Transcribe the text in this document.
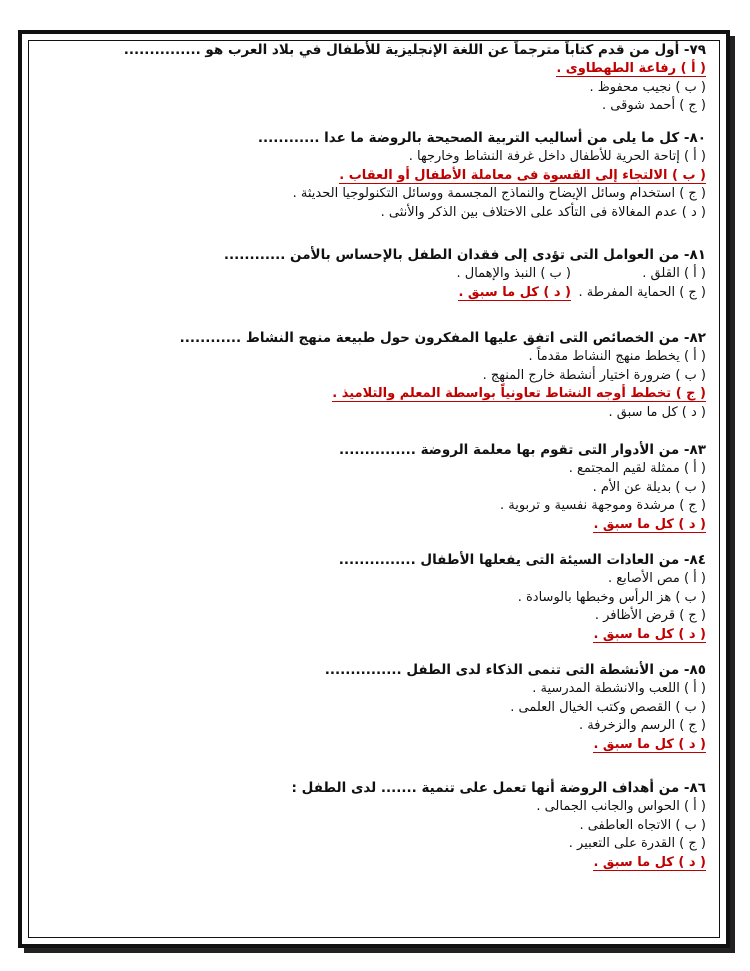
٧٩- أول من قدم كتاباً مترجماً عن اللغة الإنجليزية للأطفال في بلاد العرب هو ...............
( أ ) رفاعة الطهطاوى .
( ب ) نجيب محفوظ .
( ج ) أحمد شوقى .
٨٠- كل ما يلى من أساليب التربية الصحيحة بالروضة ما عدا ............
( أ ) إتاحة الحرية للأطفال داخل غرفة النشاط وخارجها .
( ب ) الالتجاء إلى القسوة فى معاملة الأطفال أو العقاب .
( ج ) استخدام وسائل الإيضاح والنماذج المجسمة ووسائل التكنولوجيا الحديثة .
( د ) عدم المغالاة فى التأكد على الاختلاف بين الذكر والأنثى .
٨١- من العوامل التى تؤدى إلى فقدان الطفل بالإحساس بالأمن ............
( أ ) القلق .
( ب ) النبذ والإهمال .
( ج ) الحماية المفرطة .
( د ) كل ما سبق .
٨٢- من الخصائص التى اتفق عليها المفكرون حول طبيعة منهج النشاط ............
( أ ) يخطط منهج النشاط مقدماً .
( ب ) ضرورة اختيار أنشطة خارج المنهج .
( ج ) تخطط أوجه النشاط تعاونياً بواسطة المعلم والتلاميذ .
( د ) كل ما سبق .
٨٣- من الأدوار التى تقوم بها معلمة الروضة ...............
( أ ) ممثلة لقيم المجتمع .
( ب ) بديلة عن الأم .
( ج ) مرشدة وموجهة نفسية و تربوية .
( د ) كل ما سبق .
٨٤- من العادات السيئة التى يفعلها الأطفال ...............
( أ ) مص الأصابع .
( ب ) هز الرأس وخبطها بالوسادة .
( ج ) قرض الأظافر .
( د ) كل ما سبق .
٨٥- من الأنشطة التى تنمى الذكاء لدى الطفل ...............
( أ ) اللعب والانشطة المدرسية .
( ب ) القصص وكتب الخيال العلمى .
( ج ) الرسم والزخرفة .
( د ) كل ما سبق .
٨٦- من أهداف الروضة أنها تعمل على تنمية ....... لدى الطفل :
( أ ) الحواس والجانب الجمالى .
( ب ) الاتجاه العاطفى .
( ج ) القدرة على التعبير .
( د ) كل ما سبق .
